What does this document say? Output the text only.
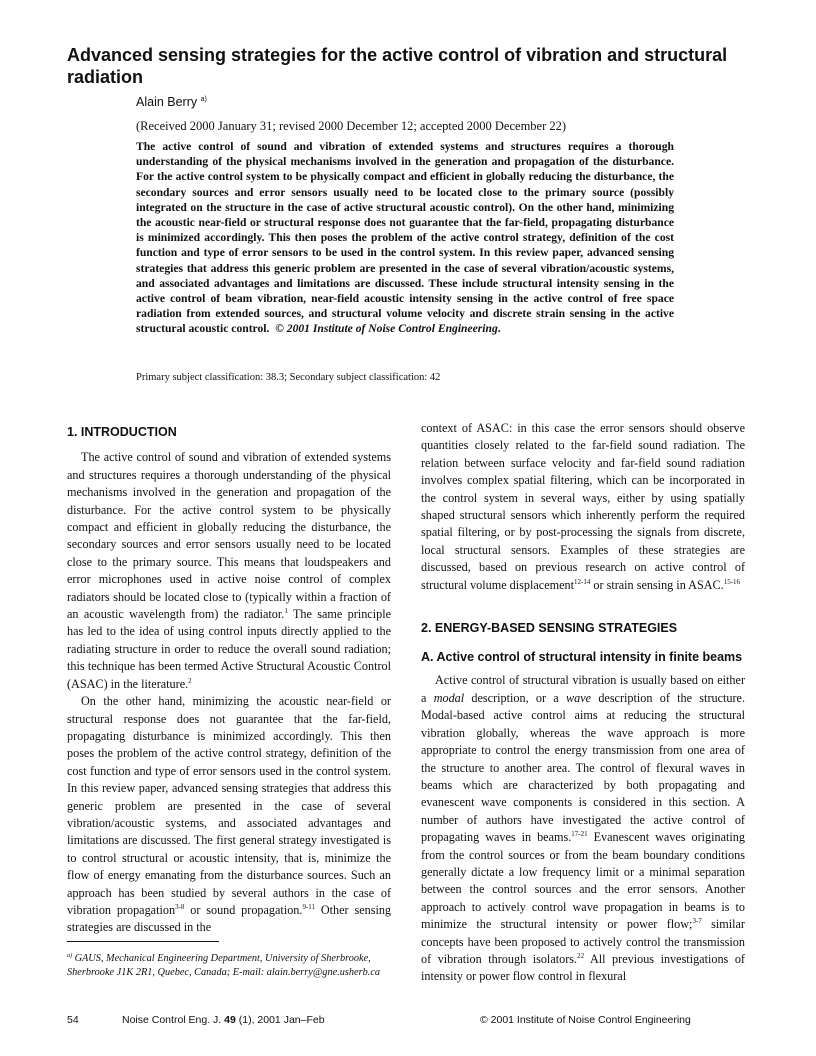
Advanced sensing strategies for the active control of vibration and structural radiation
Alain Berry $^{a)}$
(Received 2000 January 31; revised 2000 December 12; accepted 2000 December 22)

The active control of sound and vibration of extended systems and structures requires a thorough understanding of the physical mechanisms involved in the generation and propagation of the disturbance. For the active control system to be physically compact and efficient in globally reducing the disturbance, the secondary sources and error sensors usually need to be located close to the primary source (possibly integrated on the structure in the case of active structural acoustic control). On the other hand, minimizing the acoustic near-field or structural response does not guarantee that the far-field, propagating disturbance is minimized accordingly. This then poses the problem of the active control strategy, definition of the cost function and type of error sensors to be used in the control system. In this review paper, advanced sensing strategies that address this generic problem are presented in the case of several vibration/acoustic systems, and associated advantages and limitations are discussed. These include structural intensity sensing in the active control of beam vibration, near-field acoustic intensity sensing in the active control of free space radiation from extended sources, and structural volume velocity and discrete strain sensing in the active structural acoustic control. © 2001 Institute of Noise Control Engineering.

Primary subject classification: 38.3; Secondary subject classification: 42
1. INTRODUCTION

The active control of sound and vibration of extended systems and structures requires a thorough understanding of the physical mechanisms involved in the generation and propagation of the disturbance. For the active control system to be physically compact and efficient in globally reducing the disturbance, the secondary sources and error sensors usually need to be located close to the primary source. This means that loudspeakers and error microphones used in active noise control of complex radiators should be located close to (typically within a fraction of an acoustic wavelength from) the radiator.$^1$ The same principle has led to the idea of using control inputs directly applied to the radiating structure in order to reduce the overall sound radiation; this technique has been termed Active Structural Acoustic Control (ASAC) in the literature.$^2$

On the other hand, minimizing the acoustic near-field or structural response does not guarantee that the far-field, propagating disturbance is minimized accordingly. This then poses the problem of the active control strategy, definition of the cost function and type of error sensors used in the control system. In this review paper, advanced sensing strategies that address this generic problem are presented in the case of several vibration/acoustic systems, and associated advantages and limitations are discussed. The first general strategy investigated is to control structural or acoustic intensity, that is, minimize the flow of energy emanating from the disturbance sources. Such an approach has been studied by several authors in the case of vibration propagation$^{3-8}$ or sound propagation.$^{9-11}$ Other sensing strategies are discussed in the

context of ASAC: in this case the error sensors should observe quantities closely related to the far-field sound radiation. The relation between surface velocity and far-field sound radiation involves complex spatial filtering, which can be incorporated in the control system in several ways, either by using spatially shaped structural sensors which inherently perform the required spatial filtering, or by post-processing the signals from discrete, local structural sensors. Examples of these strategies are discussed, based on previous research on active control of structural volume displacement$^{12-14}$ or strain sensing in ASAC.$^{15-16}$

2. ENERGY-BASED SENSING STRATEGIES
A. Active control of structural intensity in finite beams

Active control of structural vibration is usually based on either a modal description, or a wave description of the structure. Modal-based active control aims at reducing the structural vibration globally, whereas the wave approach is more appropriate to control the energy transmission from one area of the structure to another area. The control of flexural waves in beams which are characterized by both propagating and evanescent wave components is considered in this section. A number of authors have investigated the active control of propagating waves in beams.$^{17-21}$ Evanescent waves originating from the control sources or from the beam boundary conditions generally dictate a low frequency limit or a minimal separation between the control sources and the error sensors. Another approach to actively control wave propagation in beams is to minimize the structural intensity or power flow;$^{3-7}$ similar concepts have been proposed to actively control the transmission of vibration through isolators.$^{22}$ All previous investigations of intensity or power flow control in flexural

$^{a)}$ GAUS, Mechanical Engineering Department, University of Sherbrooke, Sherbrooke J1K 2R1, Quebec, Canada; E-mail: alain.berry@gne.usherb.ca
54	Noise Control Eng. J. 49 (1), 2001 Jan–Feb	© 2001 Institute of Noise Control Engineering
